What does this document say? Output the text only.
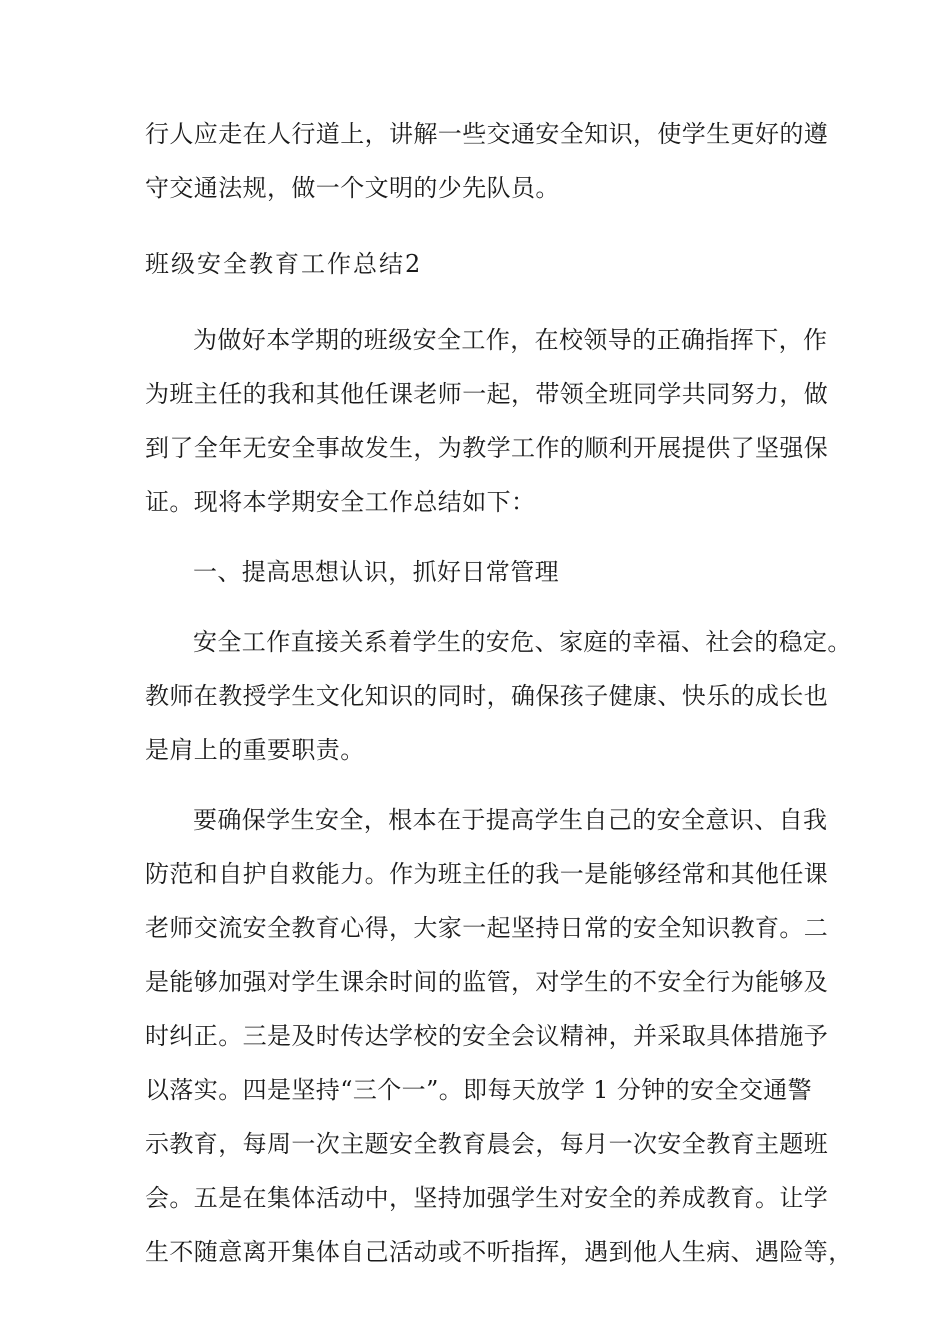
行人应走在人行道上，讲解一些交通安全知识，使学生更好的遵
守交通法规，做一个文明的少先队员。
班级安全教育工作总结2
为做好本学期的班级安全工作，在校领导的正确指挥下，作
为班主任的我和其他任课老师一起，带领全班同学共同努力，做
到了全年无安全事故发生，为教学工作的顺利开展提供了坚强保
证。现将本学期安全工作总结如下：
一、提高思想认识，抓好日常管理
安全工作直接关系着学生的安危、家庭的幸福、社会的稳定。
教师在教授学生文化知识的同时，确保孩子健康、快乐的成长也
是肩上的重要职责。
要确保学生安全，根本在于提高学生自己的安全意识、自我
防范和自护自救能力。作为班主任的我一是能够经常和其他任课
老师交流安全教育心得，大家一起坚持日常的安全知识教育。二
是能够加强对学生课余时间的监管，对学生的不安全行为能够及
时纠正。三是及时传达学校的安全会议精神，并采取具体措施予
以落实。四是坚持“三个一”。即每天放学 1 分钟的安全交通警
示教育，每周一次主题安全教育晨会，每月一次安全教育主题班
会。五是在集体活动中，坚持加强学生对安全的养成教育。让学
生不随意离开集体自己活动或不听指挥，遇到他人生病、遇险等，
